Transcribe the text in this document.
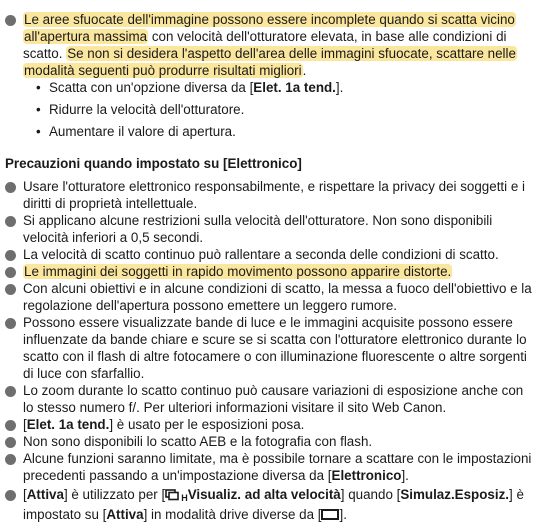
Le aree sfuocate dell'immagine possono essere incomplete quando si scatta vicino all'apertura massima con velocità dell'otturatore elevata, in base alle condizioni di scatto. Se non si desidera l'aspetto dell'area delle immagini sfuocate, scattare nelle modalità seguenti può produrre risultati migliori.
• Scatta con un'opzione diversa da [Elet. 1a tend.].
• Ridurre la velocità dell'otturatore.
• Aumentare il valore di apertura.
Precauzioni quando impostato su [Elettronico]
Usare l'otturatore elettronico responsabilmente, e rispettare la privacy dei soggetti e i diritti di proprietà intellettuale.
Si applicano alcune restrizioni sulla velocità dell'otturatore. Non sono disponibili velocità inferiori a 0,5 secondi.
La velocità di scatto continuo può rallentare a seconda delle condizioni di scatto.
Le immagini dei soggetti in rapido movimento possono apparire distorte.
Con alcuni obiettivi e in alcune condizioni di scatto, la messa a fuoco dell'obiettivo e la regolazione dell'apertura possono emettere un leggero rumore.
Possono essere visualizzate bande di luce e le immagini acquisite possono essere influenzate da bande chiare e scure se si scatta con l'otturatore elettronico durante lo scatto con il flash di altre fotocamere o con illuminazione fluorescente o altre sorgenti di luce con sfarfallio.
Lo zoom durante lo scatto continuo può causare variazioni di esposizione anche con lo stesso numero f/. Per ulteriori informazioni visitare il sito Web Canon.
[Elet. 1a tend.] è usato per le esposizioni posa.
Non sono disponibili lo scatto AEB e la fotografia con flash.
Alcune funzioni saranno limitate, ma è possibile tornare a scattare con le impostazioni precedenti passando a un'impostazione diversa da [Elettronico].
[Attiva] è utilizzato per [ HVisualiz. ad alta velocità] quando [Simulaz.Esposiz.] è impostato su [Attiva] in modalità drive diverse da [ ].
